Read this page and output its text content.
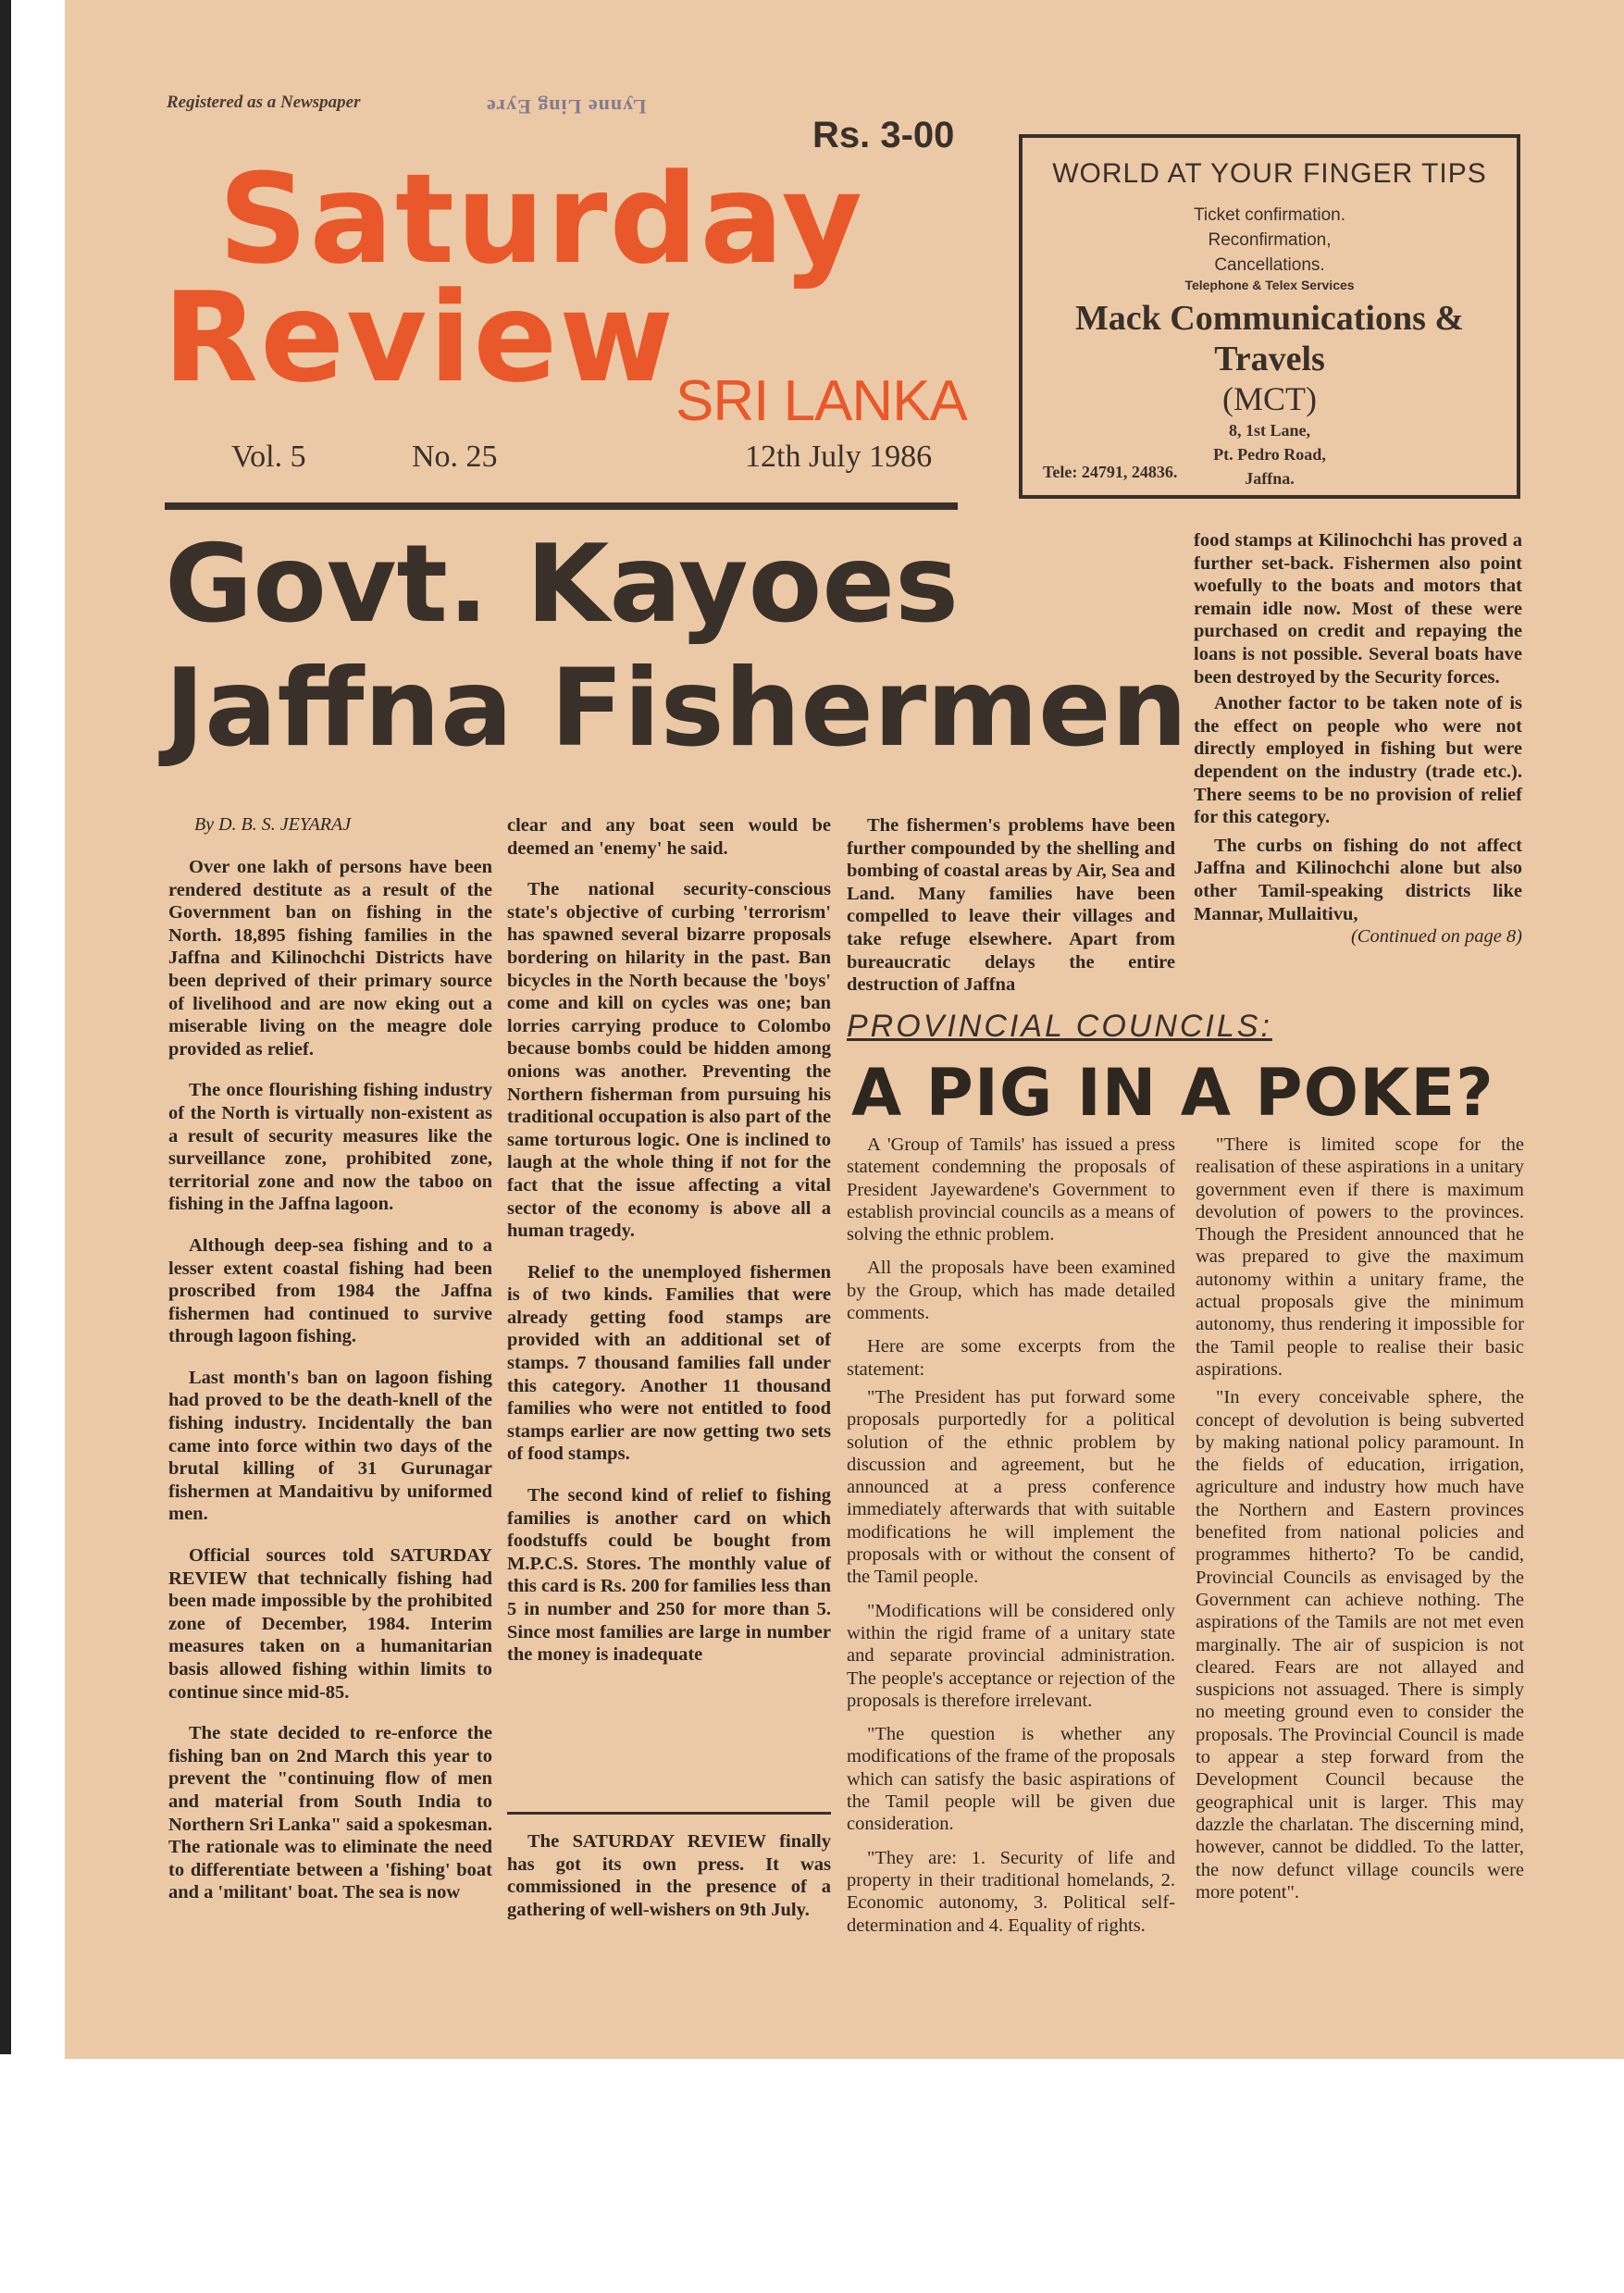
Registered as a Newspaper	Lynne Ling Eyre
Rs. 3-00
Saturday
Review SRI LANKA
Vol. 5	No. 25	12th July 1986
WORLD AT YOUR FINGER TIPS
Ticket confirmation.
Reconfirmation,
Cancellations.
Telephone & Telex Services
Mack Communications & Travels
(MCT)
8, 1st Lane,
Pt. Pedro Road,
Jaffna.
Tele: 24791, 24836.
Govt. Kayoes
Jaffna Fishermen
By D. B. S. JEYARAJ

Over one lakh of persons have been rendered destitute as a result of the Government ban on fishing in the North. 18,895 fishing families in the Jaffna and Kilinochchi Districts have been deprived of their primary source of livelihood and are now eking out a miserable living on the meagre dole provided as relief.

The once flourishing fishing industry of the North is virtually non-existent as a result of security measures like the surveillance zone, prohibited zone, territorial zone and now the taboo on fishing in the Jaffna lagoon.

Although deep-sea fishing and to a lesser extent coastal fishing had been proscribed from 1984 the Jaffna fishermen had continued to survive through lagoon fishing.

Last month's ban on lagoon fishing had proved to be the death-knell of the fishing industry. Incidentally the ban came into force within two days of the brutal killing of 31 Gurunagar fishermen at Mandaitivu by uniformed men.

Official sources told SATURDAY REVIEW that technically fishing had been made impossible by the prohibited zone of December, 1984. Interim measures taken on a humanitarian basis allowed fishing within limits to continue since mid-85.

The state decided to re-enforce the fishing ban on 2nd March this year to prevent the "continuing flow of men and material from South India to Northern Sri Lanka" said a spokesman. The rationale was to eliminate the need to differentiate between a 'fishing' boat and a 'militant' boat. The sea is now

clear and any boat seen would be deemed an 'enemy' he said.

The national security-conscious state's objective of curbing 'terrorism' has spawned several bizarre proposals bordering on hilarity in the past. Ban bicycles in the North because the 'boys' come and kill on cycles was one; ban lorries carrying produce to Colombo because bombs could be hidden among onions was another. Preventing the Northern fisherman from pursuing his traditional occupation is also part of the same torturous logic. One is inclined to laugh at the whole thing if not for the fact that the issue affecting a vital sector of the economy is above all a human tragedy.

Relief to the unemployed fishermen is of two kinds. Families that were already getting food stamps are provided with an additional set of stamps. 7 thousand families fall under this category. Another 11 thousand families who were not entitled to food stamps earlier are now getting two sets of food stamps.

The second kind of relief to fishing families is another card on which foodstuffs could be bought from M.P.C.S. Stores. The monthly value of this card is Rs. 200 for families less than 5 in number and 250 for more than 5. Since most families are large in number the money is inadequate

The SATURDAY REVIEW finally has got its own press. It was commissioned in the presence of a gathering of well-wishers on 9th July.

The fishermen's problems have been further compounded by the shelling and bombing of coastal areas by Air, Sea and Land. Many families have been compelled to leave their villages and take refuge elsewhere. Apart from bureaucratic delays the entire destruction of Jaffna

food stamps at Kilinochchi has proved a further set-back. Fishermen also point woefully to the boats and motors that remain idle now. Most of these were purchased on credit and repaying the loans is not possible. Several boats have been destroyed by the Security forces.

Another factor to be taken note of is the effect on people who were not directly employed in fishing but were dependent on the industry (trade etc.). There seems to be no provision of relief for this category.

The curbs on fishing do not affect Jaffna and Kilinochchi alone but also other Tamil-speaking districts like Mannar, Mullaitivu,

(Continued on page 8)
PROVINCIAL COUNCILS:
A PIG IN A POKE?

A 'Group of Tamils' has issued a press statement condemning the proposals of President Jayewardene's Government to establish provincial councils as a means of solving the ethnic problem.

All the proposals have been examined by the Group, which has made detailed comments.

Here are some excerpts from the statement:

"The President has put forward some proposals purportedly for a political solution of the ethnic problem by discussion and agreement, but he announced at a press conference immediately afterwards that with suitable modifications he will implement the proposals with or without the consent of the Tamil people.

"Modifications will be considered only within the rigid frame of a unitary state and separate provincial administration. The people's acceptance or rejection of the proposals is therefore irrelevant.

"The question is whether any modifications of the frame of the proposals which can satisfy the basic aspirations of the Tamil people will be given due consideration.

"They are: 1. Security of life and property in their traditional homelands, 2. Economic autonomy, 3. Political self-determination and 4. Equality of rights.

"There is limited scope for the realisation of these aspirations in a unitary government even if there is maximum devolution of powers to the provinces. Though the President announced that he was prepared to give the maximum autonomy within a unitary frame, the actual proposals give the minimum autonomy, thus rendering it impossible for the Tamil people to realise their basic aspirations.

"In every conceivable sphere, the concept of devolution is being subverted by making national policy paramount. In the fields of education, irrigation, agriculture and industry how much have the Northern and Eastern provinces benefited from national policies and programmes hitherto? To be candid, Provincial Councils as envisaged by the Government can achieve nothing. The aspirations of the Tamils are not met even marginally. The air of suspicion is not cleared. Fears are not allayed and suspicions not assuaged. There is simply no meeting ground even to consider the proposals. The Provincial Council is made to appear a step forward from the Development Council because the geographical unit is larger. This may dazzle the charlatan. The discerning mind, however, cannot be diddled. To the latter, the now defunct village councils were more potent".
